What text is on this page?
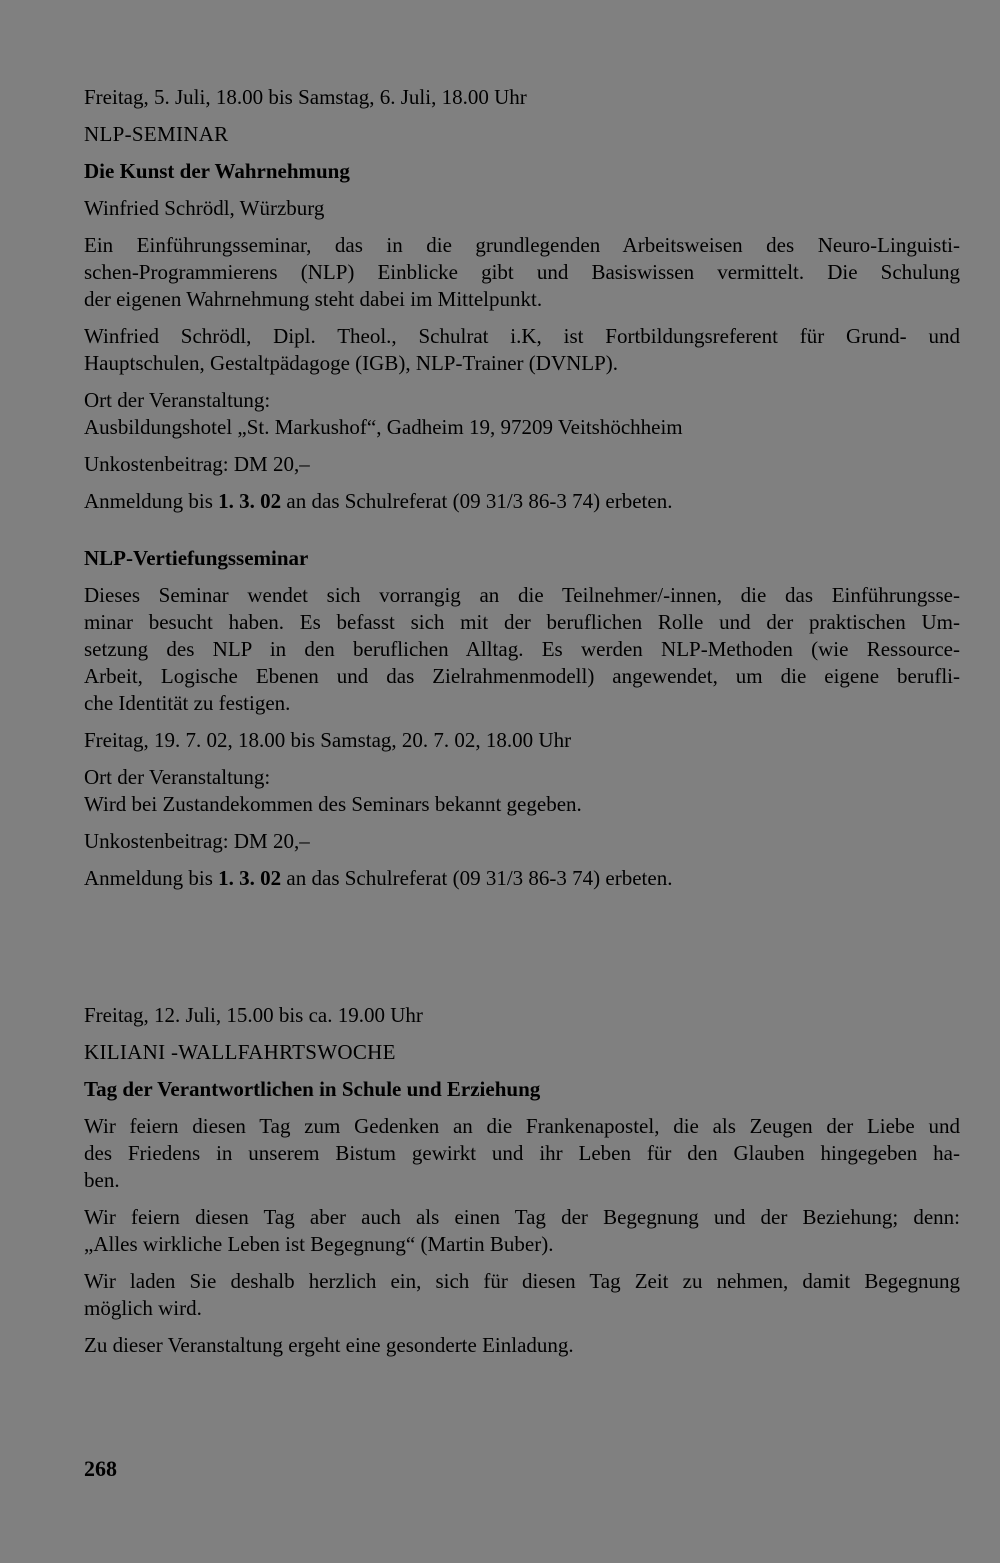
Freitag, 5. Juli, 18.00 bis Samstag, 6. Juli, 18.00 Uhr

NLP-SEMINAR

Die Kunst der Wahrnehmung

Winfried Schrödl, Würzburg

Ein Einführungsseminar, das in die grundlegenden Arbeitsweisen des Neuro-Linguisti-
schen-Programmierens (NLP) Einblicke gibt und Basiswissen vermittelt. Die Schulung
der eigenen Wahrnehmung steht dabei im Mittelpunkt.
Winfried Schrödl, Dipl. Theol., Schulrat i.K, ist Fortbildungsreferent für Grund- und
Hauptschulen, Gestaltpädagoge (IGB), NLP-Trainer (DVNLP).
Ort der Veranstaltung:
Ausbildungshotel „St. Markushof“, Gadheim 19, 97209 Veitshöchheim

Unkostenbeitrag: DM 20,–

Anmeldung bis 1. 3. 02 an das Schulreferat (09 31/3 86-3 74) erbeten.

NLP-Vertiefungsseminar

Dieses Seminar wendet sich vorrangig an die Teilnehmer/-innen, die das Einführungsse-
minar besucht haben. Es befasst sich mit der beruflichen Rolle und der praktischen Um-
setzung des NLP in den beruflichen Alltag. Es werden NLP-Methoden (wie Ressource-
Arbeit, Logische Ebenen und das Zielrahmenmodell) angewendet, um die eigene berufli-
che Identität zu festigen.

Freitag, 19. 7. 02, 18.00 bis Samstag, 20. 7. 02, 18.00 Uhr

Ort der Veranstaltung:
Wird bei Zustandekommen des Seminars bekannt gegeben.

Unkostenbeitrag: DM 20,–

Anmeldung bis 1. 3. 02 an das Schulreferat (09 31/3 86-3 74) erbeten.

Freitag, 12. Juli, 15.00 bis ca. 19.00 Uhr

KILIANI -WALLFAHRTSWOCHE

Tag der Verantwortlichen in Schule und Erziehung

Wir feiern diesen Tag zum Gedenken an die Frankenapostel, die als Zeugen der Liebe und
des Friedens in unserem Bistum gewirkt und ihr Leben für den Glauben hingegeben ha-
ben.
Wir feiern diesen Tag aber auch als einen Tag der Begegnung und der Beziehung; denn:
„Alles wirkliche Leben ist Begegnung“ (Martin Buber).
Wir laden Sie deshalb herzlich ein, sich für diesen Tag Zeit zu nehmen, damit Begegnung
möglich wird.

Zu dieser Veranstaltung ergeht eine gesonderte Einladung.

268
